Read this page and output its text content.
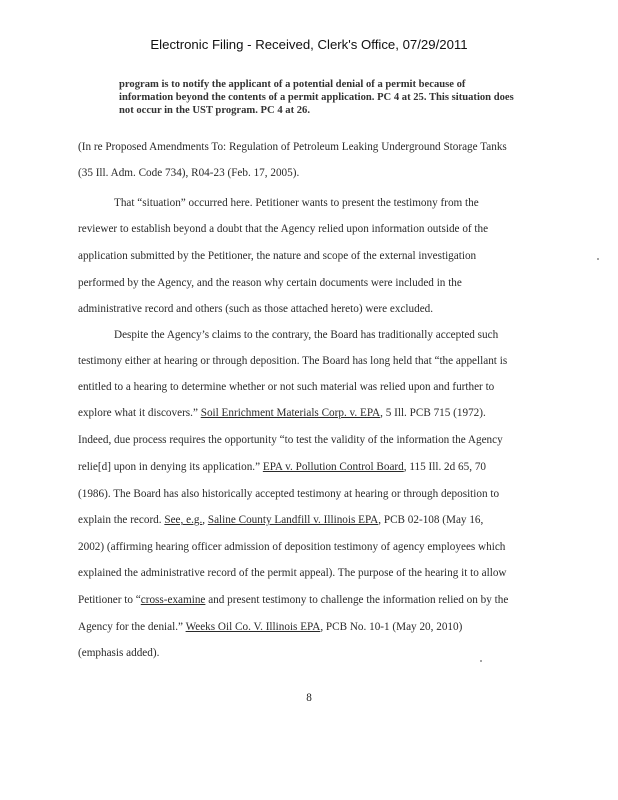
Electronic Filing - Received, Clerk's Office, 07/29/2011
program is to notify the applicant of a potential denial of a permit because of information beyond the contents of a permit application. PC 4 at 25. This situation does not occur in the UST program. PC 4 at 26.
(In re Proposed Amendments To: Regulation of Petroleum Leaking Underground Storage Tanks
(35 Ill. Adm. Code 734), R04-23 (Feb. 17, 2005).
That “situation” occurred here. Petitioner wants to present the testimony from the
reviewer to establish beyond a doubt that the Agency relied upon information outside of the
application submitted by the Petitioner, the nature and scope of the external investigation
performed by the Agency, and the reason why certain documents were included in the
administrative record and others (such as those attached hereto) were excluded.
Despite the Agency’s claims to the contrary, the Board has traditionally accepted such
testimony either at hearing or through deposition. The Board has long held that “the appellant is
entitled to a hearing to determine whether or not such material was relied upon and further to
explore what it discovers.” Soil Enrichment Materials Corp. v. EPA, 5 Ill. PCB 715 (1972).
Indeed, due process requires the opportunity “to test the validity of the information the Agency
relie[d] upon in denying its application.” EPA v. Pollution Control Board, 115 Ill. 2d 65, 70
(1986). The Board has also historically accepted testimony at hearing or through deposition to
explain the record. See, e.g., Saline County Landfill v. Illinois EPA, PCB 02-108 (May 16,
2002) (affirming hearing officer admission of deposition testimony of agency employees which
explained the administrative record of the permit appeal). The purpose of the hearing it to allow
Petitioner to “cross-examine and present testimony to challenge the information relied on by the
Agency for the denial.” Weeks Oil Co. V. Illinois EPA, PCB No. 10-1 (May 20, 2010)
(emphasis added).
8
